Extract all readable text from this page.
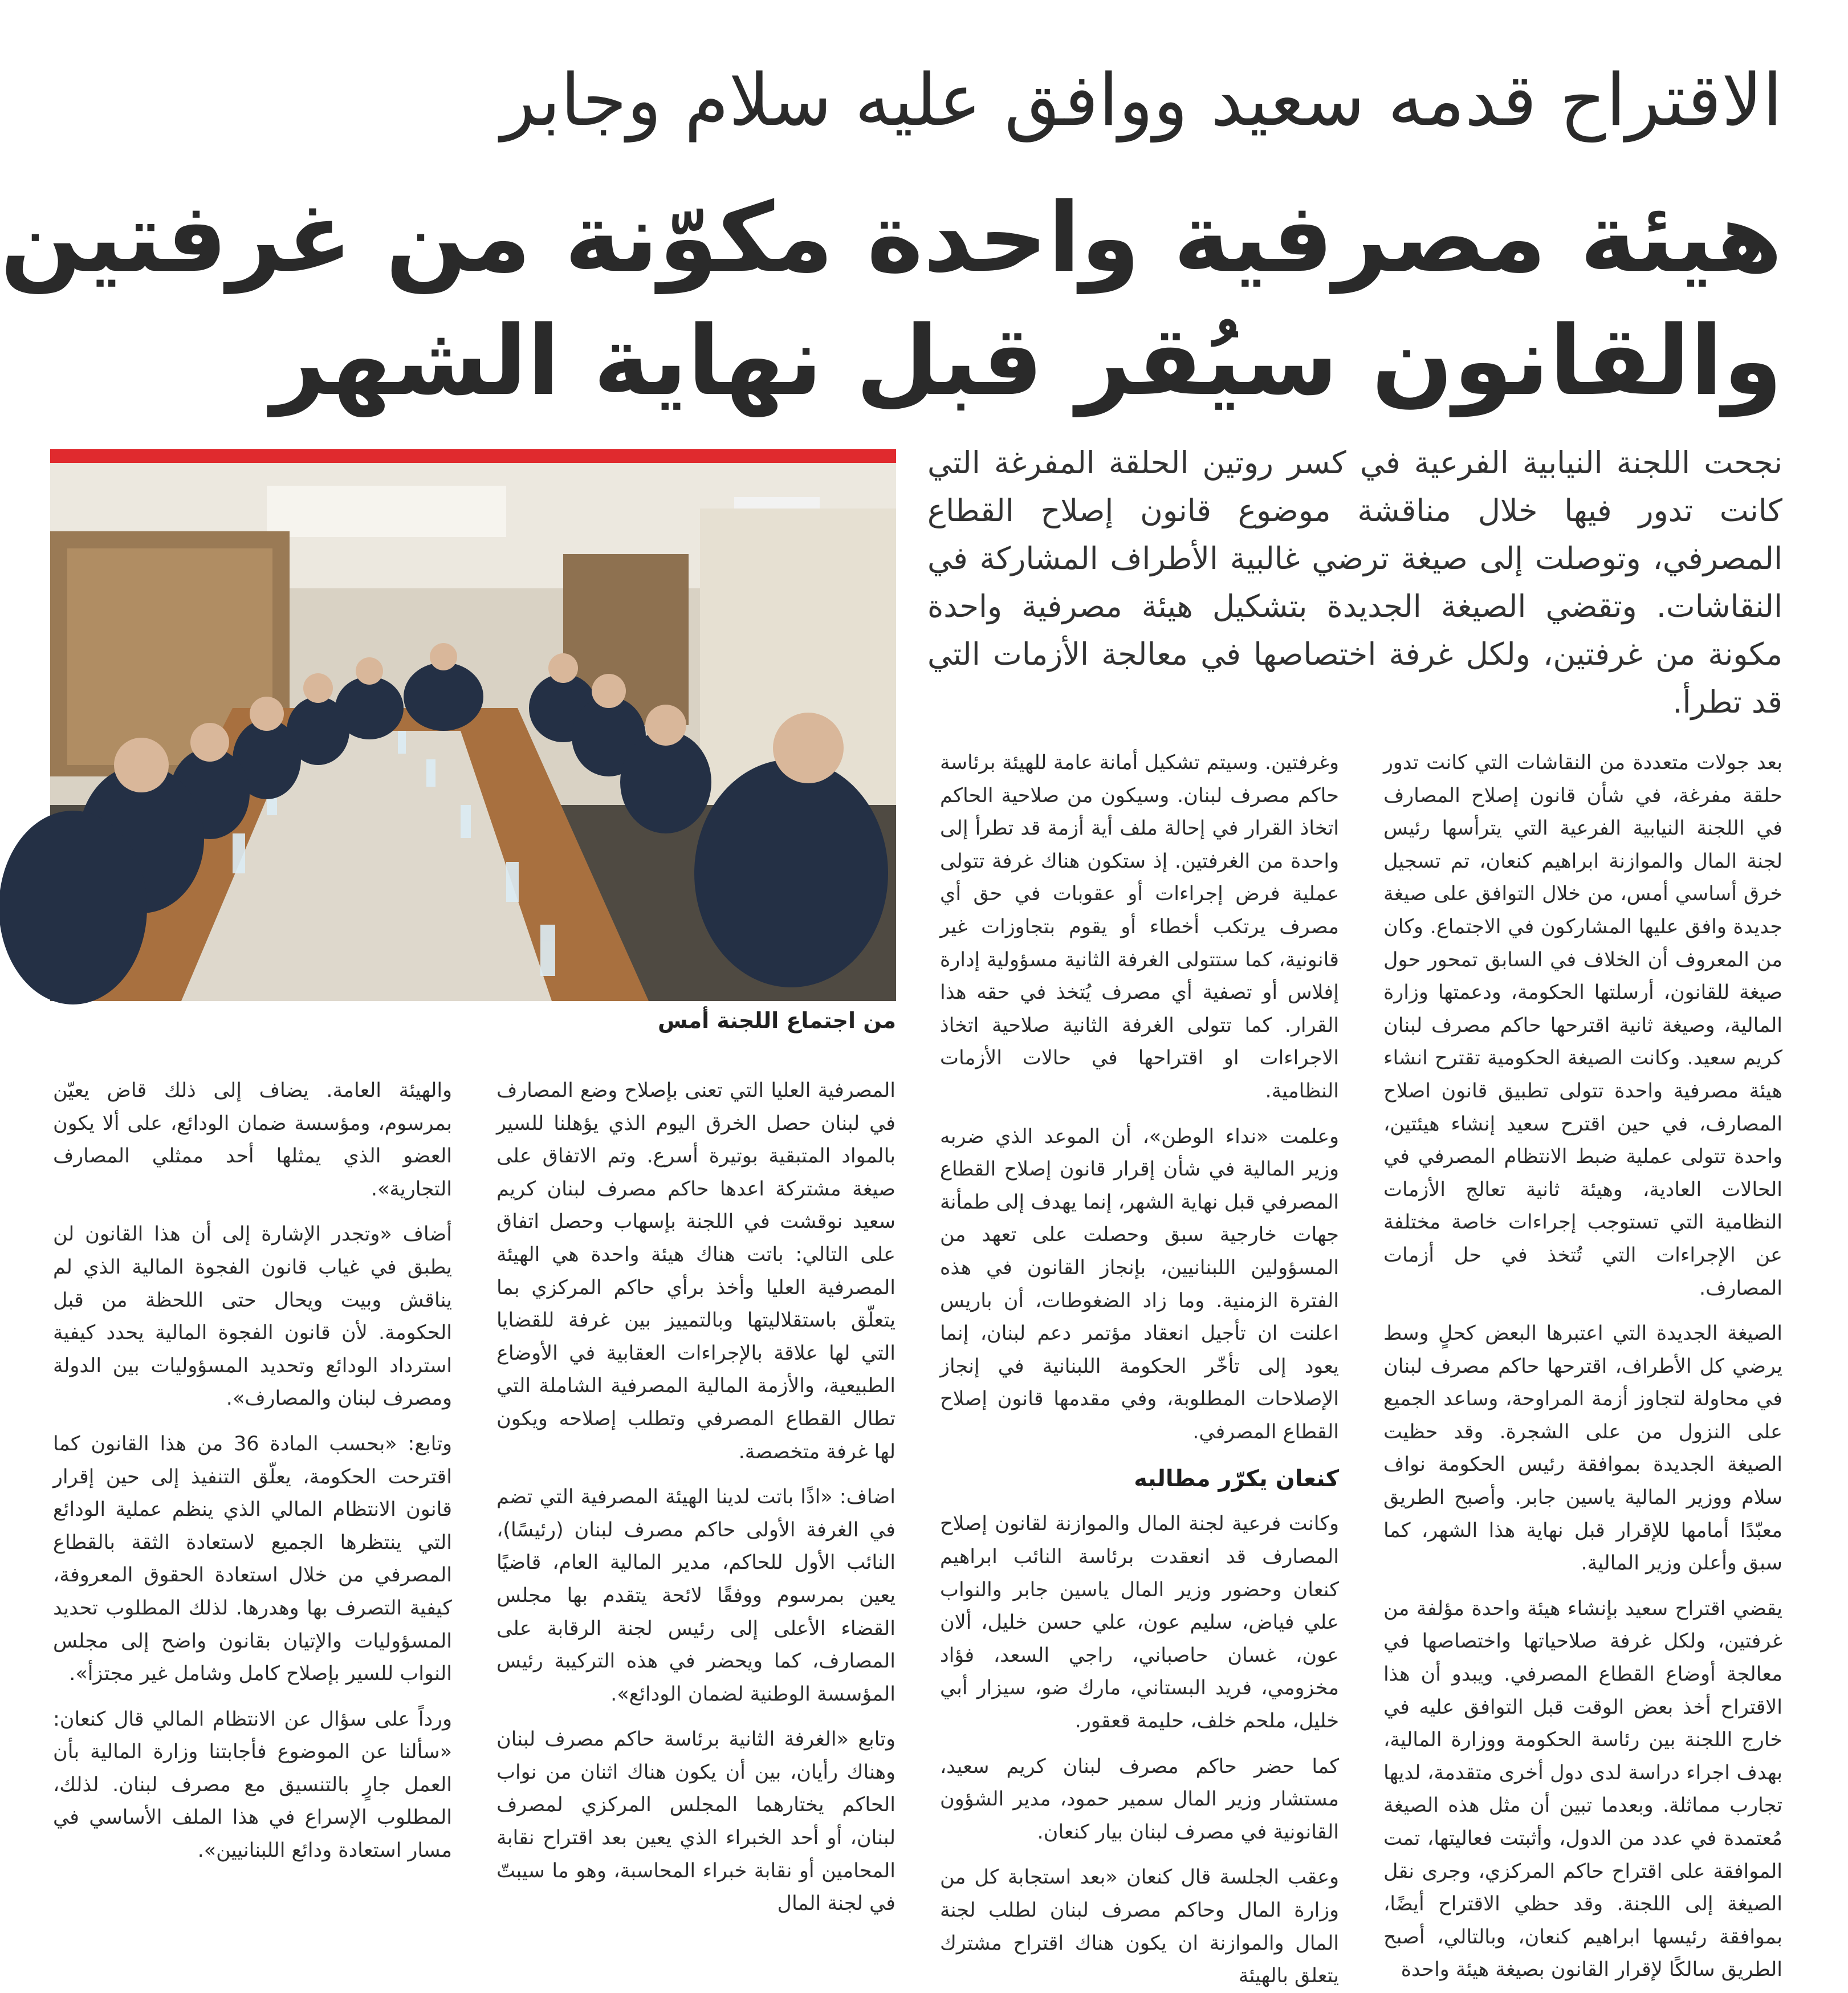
الاقتراح قدمه سعيد ووافق عليه سلام وجابر
هيئة مصرفية واحدة مكوّنة من غرفتين
والقانون سيُقر قبل نهاية الشهر
نجحت اللجنة النيابية الفرعية في كسر روتين الحلقة المفرغة التي كانت تدور فيها خلال مناقشة موضوع قانون إصلاح القطاع المصرفي، وتوصلت إلى صيغة ترضي غالبية الأطراف المشاركة في النقاشات. وتقضي الصيغة الجديدة بتشكيل هيئة مصرفية واحدة مكونة من غرفتين، ولكل غرفة اختصاصها في معالجة الأزمات التي قد تطرأ.
من اجتماع اللجنة أمس

بعد جولات متعددة من النقاشات التي كانت تدور حلقة مفرغة، في شأن قانون إصلاح المصارف في اللجنة النيابية الفرعية التي يترأسها رئيس لجنة المال والموازنة ابراهيم كنعان، تم تسجيل خرق أساسي أمس، من خلال التوافق على صيغة جديدة وافق عليها المشاركون في الاجتماع. وكان من المعروف أن الخلاف في السابق تمحور حول صيغة للقانون، أرسلتها الحكومة، ودعمتها وزارة المالية، وصيغة ثانية اقترحها حاكم مصرف لبنان كريم سعيد. وكانت الصيغة الحكومية تقترح انشاء هيئة مصرفية واحدة تتولى تطبيق قانون اصلاح المصارف، في حين اقترح سعيد إنشاء هيئتين، واحدة تتولى عملية ضبط الانتظام المصرفي في الحالات العادية، وهيئة ثانية تعالج الأزمات النظامية التي تستوجب إجراءات خاصة مختلفة عن الإجراءات التي تُتخذ في حل أزمات المصارف.

الصيغة الجديدة التي اعتبرها البعض كحلٍ وسط يرضي كل الأطراف، اقترحها حاكم مصرف لبنان في محاولة لتجاوز أزمة المراوحة، وساعد الجميع على النزول من على الشجرة. وقد حظيت الصيغة الجديدة بموافقة رئيس الحكومة نواف سلام ووزير المالية ياسين جابر. وأصبح الطريق معبّدًا أمامها للإقرار قبل نهاية هذا الشهر، كما سبق وأعلن وزير المالية.

يقضي اقتراح سعيد بإنشاء هيئة واحدة مؤلفة من غرفتين، ولكل غرفة صلاحياتها واختصاصها في معالجة أوضاع القطاع المصرفي. ويبدو أن هذا الاقتراح أخذ بعض الوقت قبل التوافق عليه في خارج اللجنة بين رئاسة الحكومة ووزارة المالية، بهدف اجراء دراسة لدى دول أخرى متقدمة، لديها تجارب مماثلة. وبعدما تبين أن مثل هذه الصيغة مُعتمدة في عدد من الدول، وأثبتت فعاليتها، تمت الموافقة على اقتراح حاكم المركزي، وجرى نقل الصيغة إلى اللجنة. وقد حظي الاقتراح أيضًا، بموافقة رئيسها ابراهيم كنعان، وبالتالي، أصبح الطريق سالكًا لإقرار القانون بصيغة هيئة واحدة

وغرفتين. وسيتم تشكيل أمانة عامة للهيئة برئاسة حاكم مصرف لبنان. وسيكون من صلاحية الحاكم اتخاذ القرار في إحالة ملف أية أزمة قد تطرأ إلى واحدة من الغرفتين. إذ ستكون هناك غرفة تتولى عملية فرض إجراءات أو عقوبات في حق أي مصرف يرتكب أخطاء أو يقوم بتجاوزات غير قانونية، كما ستتولى الغرفة الثانية مسؤولية إدارة إفلاس أو تصفية أي مصرف يُتخذ في حقه هذا القرار. كما تتولى الغرفة الثانية صلاحية اتخاذ الاجراءات او اقتراحها في حالات الأزمات النظامية.

وعلمت «نداء الوطن»، أن الموعد الذي ضربه وزير المالية في شأن إقرار قانون إصلاح القطاع المصرفي قبل نهاية الشهر، إنما يهدف إلى طمأنة جهات خارجية سبق وحصلت على تعهد من المسؤولين اللبنانيين، بإنجاز القانون في هذه الفترة الزمنية. وما زاد الضغوطات، أن باريس اعلنت ان تأجيل انعقاد مؤتمر دعم لبنان، إنما يعود إلى تأخّر الحكومة اللبنانية في إنجاز الإصلاحات المطلوبة، وفي مقدمها قانون إصلاح القطاع المصرفي.

كنعان يكرّر مطالبه

وكانت فرعية لجنة المال والموازنة لقانون إصلاح المصارف قد انعقدت برئاسة النائب ابراهيم كنعان وحضور وزير المال ياسين جابر والنواب علي فياض، سليم عون، علي حسن خليل، ألان عون، غسان حاصباني، راجي السعد، فؤاد مخزومي، فريد البستاني، مارك ضو، سيزار أبي خليل، ملحم خلف، حليمة قعقور.

كما حضر حاكم مصرف لبنان كريم سعيد، مستشار وزير المال سمير حمود، مدير الشؤون القانونية في مصرف لبنان بيار كنعان.

وعقب الجلسة قال كنعان «بعد استجابة كل من وزارة المال وحاكم مصرف لبنان لطلب لجنة المال والموازنة ان يكون هناك اقتراح مشترك يتعلق بالهيئة

المصرفية العليا التي تعنى بإصلاح وضع المصارف في لبنان حصل الخرق اليوم الذي يؤهلنا للسير بالمواد المتبقية بوتيرة أسرع. وتم الاتفاق على صيغة مشتركة اعدها حاكم مصرف لبنان كريم سعيد نوقشت في اللجنة بإسهاب وحصل اتفاق على التالي: باتت هناك هيئة واحدة هي الهيئة المصرفية العليا وأخذ برأي حاكم المركزي بما يتعلّق باستقلاليتها وبالتمييز بين غرفة للقضايا التي لها علاقة بالإجراءات العقابية في الأوضاع الطبيعية، والأزمة المالية المصرفية الشاملة التي تطال القطاع المصرفي وتطلب إصلاحه ويكون لها غرفة متخصصة.

اضاف: «اذًا باتت لدينا الهيئة المصرفية التي تضم في الغرفة الأولى حاكم مصرف لبنان (رئيسًا)، النائب الأول للحاكم، مدير المالية العام، قاضيًا يعين بمرسوم ووفقًا لائحة يتقدم بها مجلس القضاء الأعلى إلى رئيس لجنة الرقابة على المصارف، كما ويحضر في هذه التركيبة رئيس المؤسسة الوطنية لضمان الودائع».

وتابع «الغرفة الثانية برئاسة حاكم مصرف لبنان وهناك رأيان، بين أن يكون هناك اثنان من نواب الحاكم يختارهما المجلس المركزي لمصرف لبنان، أو أحد الخبراء الذي يعين بعد اقتراح نقابة المحامين أو نقابة خبراء المحاسبة، وهو ما سيبتّ في لجنة المال

والهيئة العامة. يضاف إلى ذلك قاض يعيّن بمرسوم، ومؤسسة ضمان الودائع، على ألا يكون العضو الذي يمثلها أحد ممثلي المصارف التجارية».

أضاف «وتجدر الإشارة إلى أن هذا القانون لن يطبق في غياب قانون الفجوة المالية الذي لم يناقش وبيت ويحال حتى اللحظة من قبل الحكومة. لأن قانون الفجوة المالية يحدد كيفية استرداد الودائع وتحديد المسؤوليات بين الدولة ومصرف لبنان والمصارف».

وتابع: «بحسب المادة 36 من هذا القانون كما اقترحت الحكومة، يعلّق التنفيذ إلى حين إقرار قانون الانتظام المالي الذي ينظم عملية الودائع التي ينتظرها الجميع لاستعادة الثقة بالقطاع المصرفي من خلال استعادة الحقوق المعروفة، كيفية التصرف بها وهدرها. لذلك المطلوب تحديد المسؤوليات والإتيان بقانون واضح إلى مجلس النواب للسير بإصلاح كامل وشامل غير مجتزأ».

ورداً على سؤال عن الانتظام المالي قال كنعان: «سألنا عن الموضوع فأجابتنا وزارة المالية بأن العمل جارٍ بالتنسيق مع مصرف لبنان. لذلك، المطلوب الإسراع في هذا الملف الأساسي في مسار استعادة ودائع اللبنانيين».
